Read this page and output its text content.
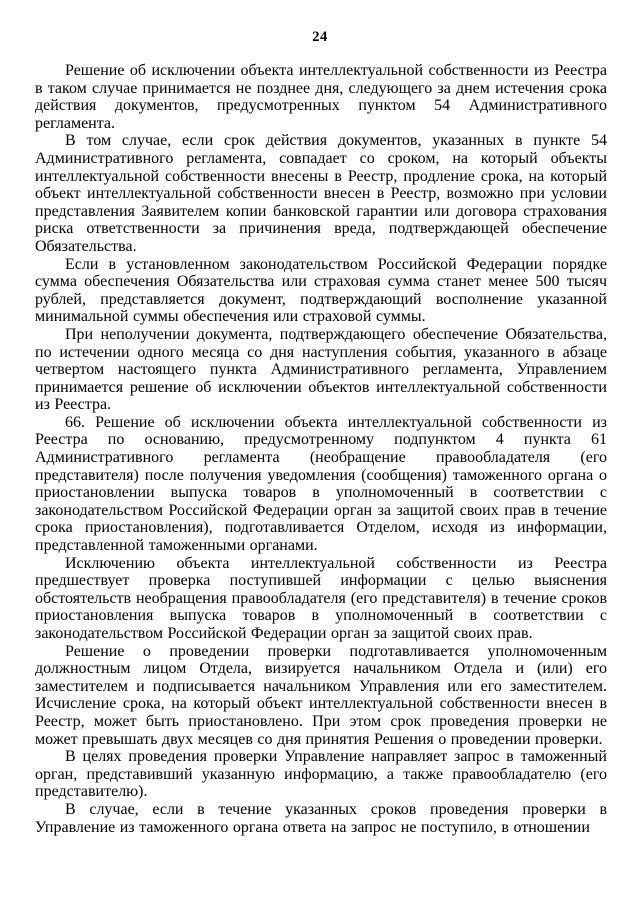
24

Решение об исключении объекта интеллектуальной собственности из Реестра в таком случае принимается не позднее дня, следующего за днем истечения срока действия документов, предусмотренных пунктом 54 Административного регламента.

В том случае, если срок действия документов, указанных в пункте 54 Административного регламента, совпадает со сроком, на который объекты интеллектуальной собственности внесены в Реестр, продление срока, на который объект интеллектуальной собственности внесен в Реестр, возможно при условии представления Заявителем копии банковской гарантии или договора страхования риска ответственности за причинения вреда, подтверждающей обеспечение Обязательства.

Если в установленном законодательством Российской Федерации порядке сумма обеспечения Обязательства или страховая сумма станет менее 500 тысяч рублей, представляется документ, подтверждающий восполнение указанной минимальной суммы обеспечения или страховой суммы.

При неполучении документа, подтверждающего обеспечение Обязательства, по истечении одного месяца со дня наступления события, указанного в абзаце четвертом настоящего пункта Административного регламента, Управлением принимается решение об исключении объектов интеллектуальной собственности из Реестра.

66. Решение об исключении объекта интеллектуальной собственности из Реестра по основанию, предусмотренному подпунктом 4 пункта 61 Административного регламента (необращение правообладателя (его представителя) после получения уведомления (сообщения) таможенного органа о приостановлении выпуска товаров в уполномоченный в соответствии с законодательством Российской Федерации орган за защитой своих прав в течение срока приостановления), подготавливается Отделом, исходя из информации, представленной таможенными органами.

Исключению объекта интеллектуальной собственности из Реестра предшествует проверка поступившей информации с целью выяснения обстоятельств необращения правообладателя (его представителя) в течение сроков приостановления выпуска товаров в уполномоченный в соответствии с законодательством Российской Федерации орган за защитой своих прав.

Решение о проведении проверки подготавливается уполномоченным должностным лицом Отдела, визируется начальником Отдела и (или) его заместителем и подписывается начальником Управления или его заместителем. Исчисление срока, на который объект интеллектуальной собственности внесен в Реестр, может быть приостановлено. При этом срок проведения проверки не может превышать двух месяцев со дня принятия Решения о проведении проверки.

В целях проведения проверки Управление направляет запрос в таможенный орган, представивший указанную информацию, а также правообладателю (его представителю).

В случае, если в течение указанных сроков проведения проверки в Управление из таможенного органа ответа на запрос не поступило, в отношении
